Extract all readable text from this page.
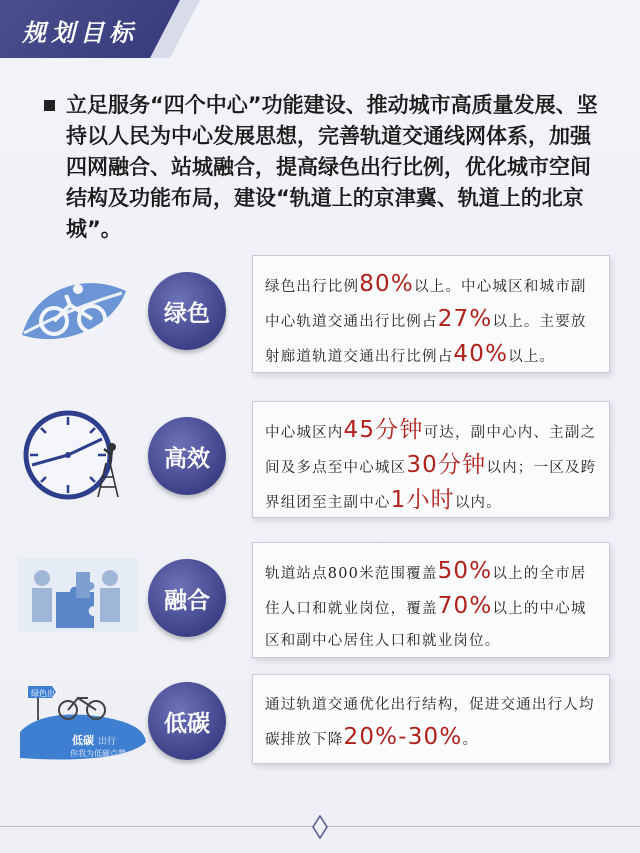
规划目标

立足服务“四个中心”功能建设、推动城市高质量发展、坚持以人民为中心发展思想，完善轨道交通线网体系，加强四网融合、站城融合，提高绿色出行比例，优化城市空间结构及功能布局，建设“轨道上的京津冀、轨道上的北京城”。

绿色
绿色出行比例80%以上。中心城区和城市副中心轨道交通出行比例占27%以上。主要放射廊道轨道交通出行比例占40%以上。
高效
中心城区内45分钟可达，副中心内、主副之间及多点至中心城区30分钟以内；一区及跨界组团至主副中心1小时以内。
融合
轨道站点800米范围覆盖50%以上的全市居住人口和就业岗位，覆盖70%以上的中心城区和副中心居住人口和就业岗位。
绿色出行
低碳 出行
你我为低碳点赞
低碳
通过轨道交通优化出行结构，促进交通出行人均碳排放下降20%-30%。
